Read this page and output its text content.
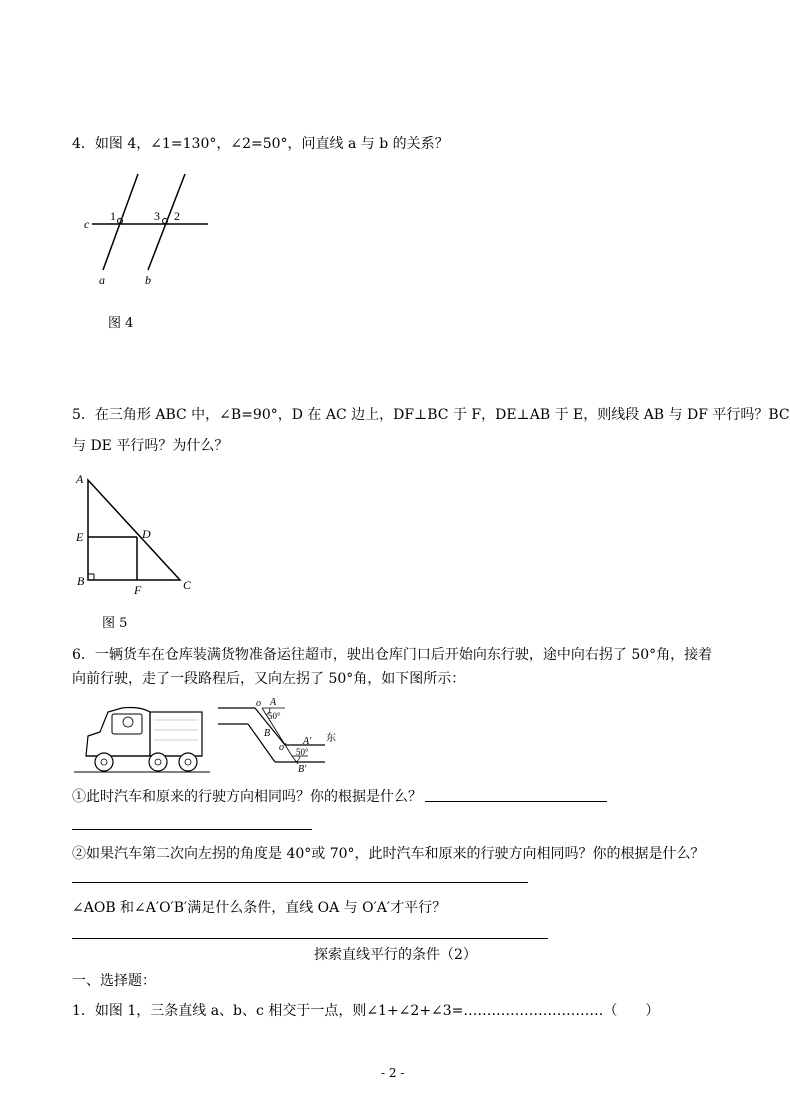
4．如图 4，∠1=130°，∠2=50°，问直线 a 与 b 的关系？
c
1	3 2
a	b
图 4
5．在三角形 ABC 中，∠B=90°，D 在 AC 边上，DF⊥BC 于 F，DE⊥AB 于 E，则线段 AB 与 DF 平行吗？BC
与 DE 平行吗？为什么？
A
D
E
B
F	C
图 5
6．一辆货车在仓库装满货物准备运往超市，驶出仓库门口后开始向东行驶，途中向右拐了 50°角，接着
向前行驶，走了一段路程后，又向左拐了 50°角，如下图所示：
o A
50°
B
o′
A′ 东
50°
B′
①此时汽车和原来的行驶方向相同吗？你的根据是什么？
②如果汽车第二次向左拐的角度是 40°或 70°，此时汽车和原来的行驶方向相同吗？你的根据是什么？
∠AOB 和∠A′O′B′满足什么条件，直线 OA 与 O′A′才平行？
探索直线平行的条件（2）
一、选择题：
1．如图 1，三条直线 a、b、c 相交于一点，则∠1+∠2+∠3=…………………………（　　）
- 2 -
